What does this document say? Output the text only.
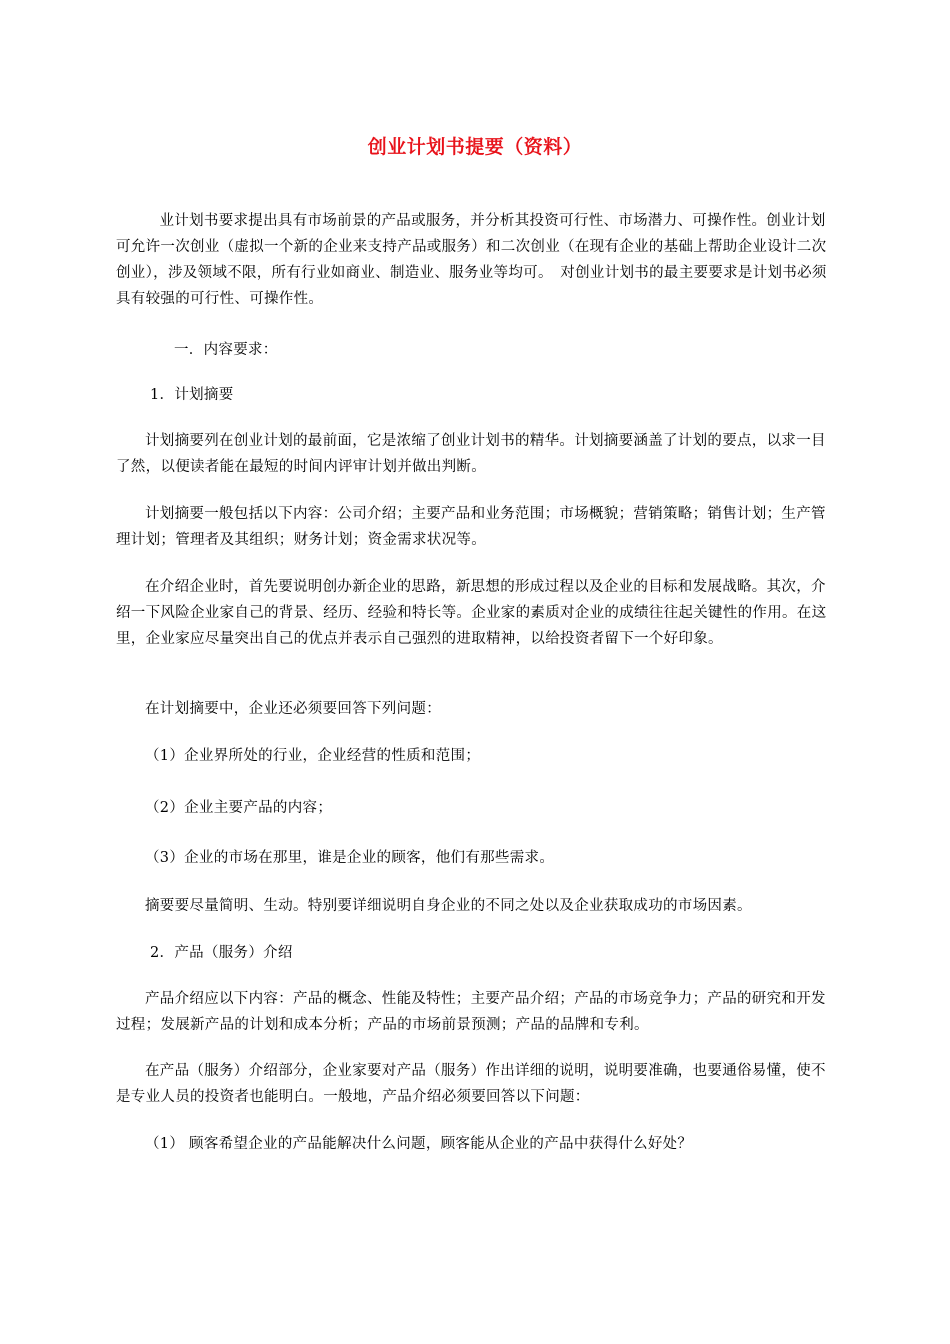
创业计划书提要（资料）
业计划书要求提出具有市场前景的产品或服务，并分析其投资可行性、市场潜力、可操作性。创业计划可允许一次创业（虚拟一个新的企业来支持产品或服务）和二次创业（在现有企业的基础上帮助企业设计二次创业），涉及领域不限，所有行业如商业、制造业、服务业等均可。　对创业计划书的最主要要求是计划书必须具有较强的可行性、可操作性。
一．内容要求：
1．计划摘要
计划摘要列在创业计划的最前面，它是浓缩了创业计划书的精华。计划摘要涵盖了计划的要点，以求一目了然，以便读者能在最短的时间内评审计划并做出判断。
计划摘要一般包括以下内容：公司介绍；主要产品和业务范围；市场概貌；营销策略；销售计划；生产管理计划；管理者及其组织；财务计划；资金需求状况等。
在介绍企业时，首先要说明创办新企业的思路，新思想的形成过程以及企业的目标和发展战略。其次，介绍一下风险企业家自己的背景、经历、经验和特长等。企业家的素质对企业的成绩往往起关键性的作用。在这里，企业家应尽量突出自己的优点并表示自己强烈的进取精神，以给投资者留下一个好印象。
在计划摘要中，企业还必须要回答下列问题：
（1）企业界所处的行业，企业经营的性质和范围；
（2）企业主要产品的内容；
（3）企业的市场在那里，谁是企业的顾客，他们有那些需求。
摘要要尽量简明、生动。特别要详细说明自身企业的不同之处以及企业获取成功的市场因素。
2．产品（服务）介绍
产品介绍应以下内容：产品的概念、性能及特性；主要产品介绍；产品的市场竞争力；产品的研究和开发过程；发展新产品的计划和成本分析；产品的市场前景预测；产品的品牌和专利。
在产品（服务）介绍部分，企业家要对产品（服务）作出详细的说明，说明要准确，也要通俗易懂，使不是专业人员的投资者也能明白。一般地，产品介绍必须要回答以下问题：
（1） 顾客希望企业的产品能解决什么问题，顾客能从企业的产品中获得什么好处？
